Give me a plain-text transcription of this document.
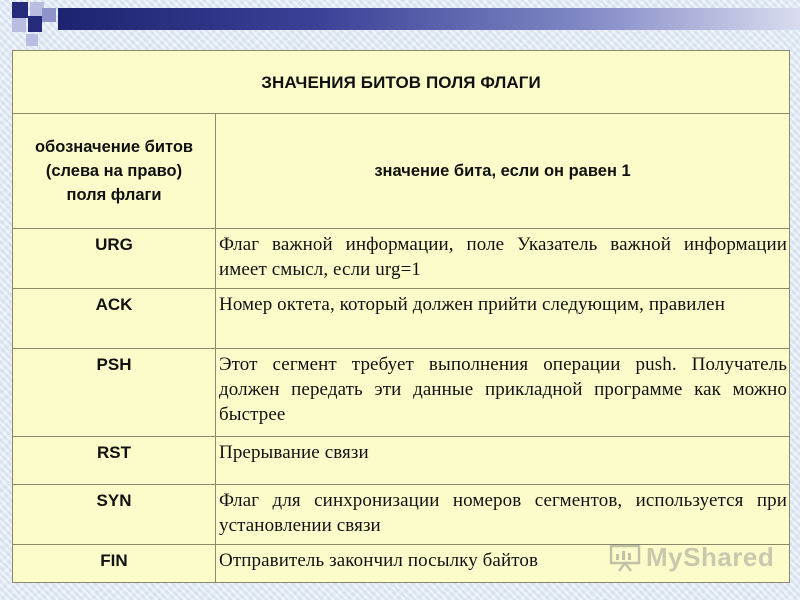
ЗНАЧЕНИЯ БИТОВ ПОЛЯ ФЛАГИ	

обозначение битов
(слева на право)
поля флаги	значение бита, если он равен 1
URG	Флаг важной информации, поле Указатель важной информации имеет смысл, если urg=1
ACK	Номер октета, который должен прийти следующим, правилен
PSH	Этот сегмент требует выполнения операции push. Получатель должен передать эти данные прикладной программе как можно быстрее
RST	Прерывание связи
SYN	Флаг для синхронизации номеров сегментов, используется при установлении связи
FIN	Отправитель закончил посылку байтов	MyShared
